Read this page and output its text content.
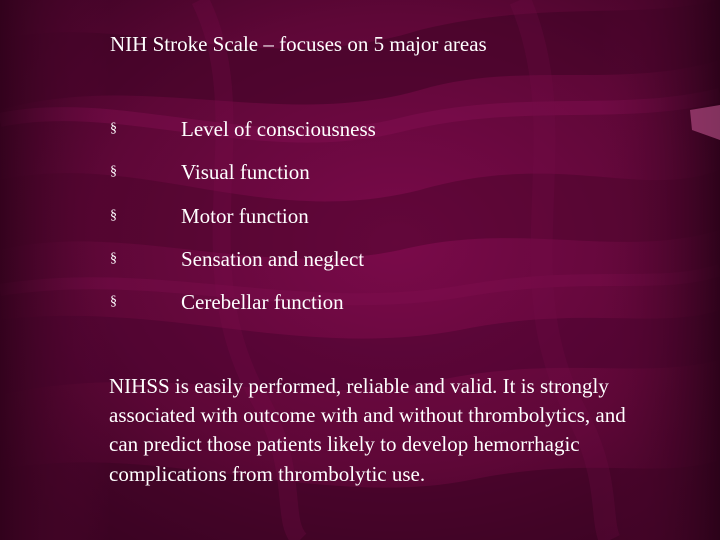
NIH Stroke Scale – focuses on 5 major areas
§	Level of consciousness
§	Visual function
§	Motor function
§	Sensation and neglect
§	Cerebellar function

NIHSS is easily performed, reliable and valid. It is strongly associated with outcome with and without thrombolytics, and can predict those patients likely to develop hemorrhagic complications from thrombolytic use.
